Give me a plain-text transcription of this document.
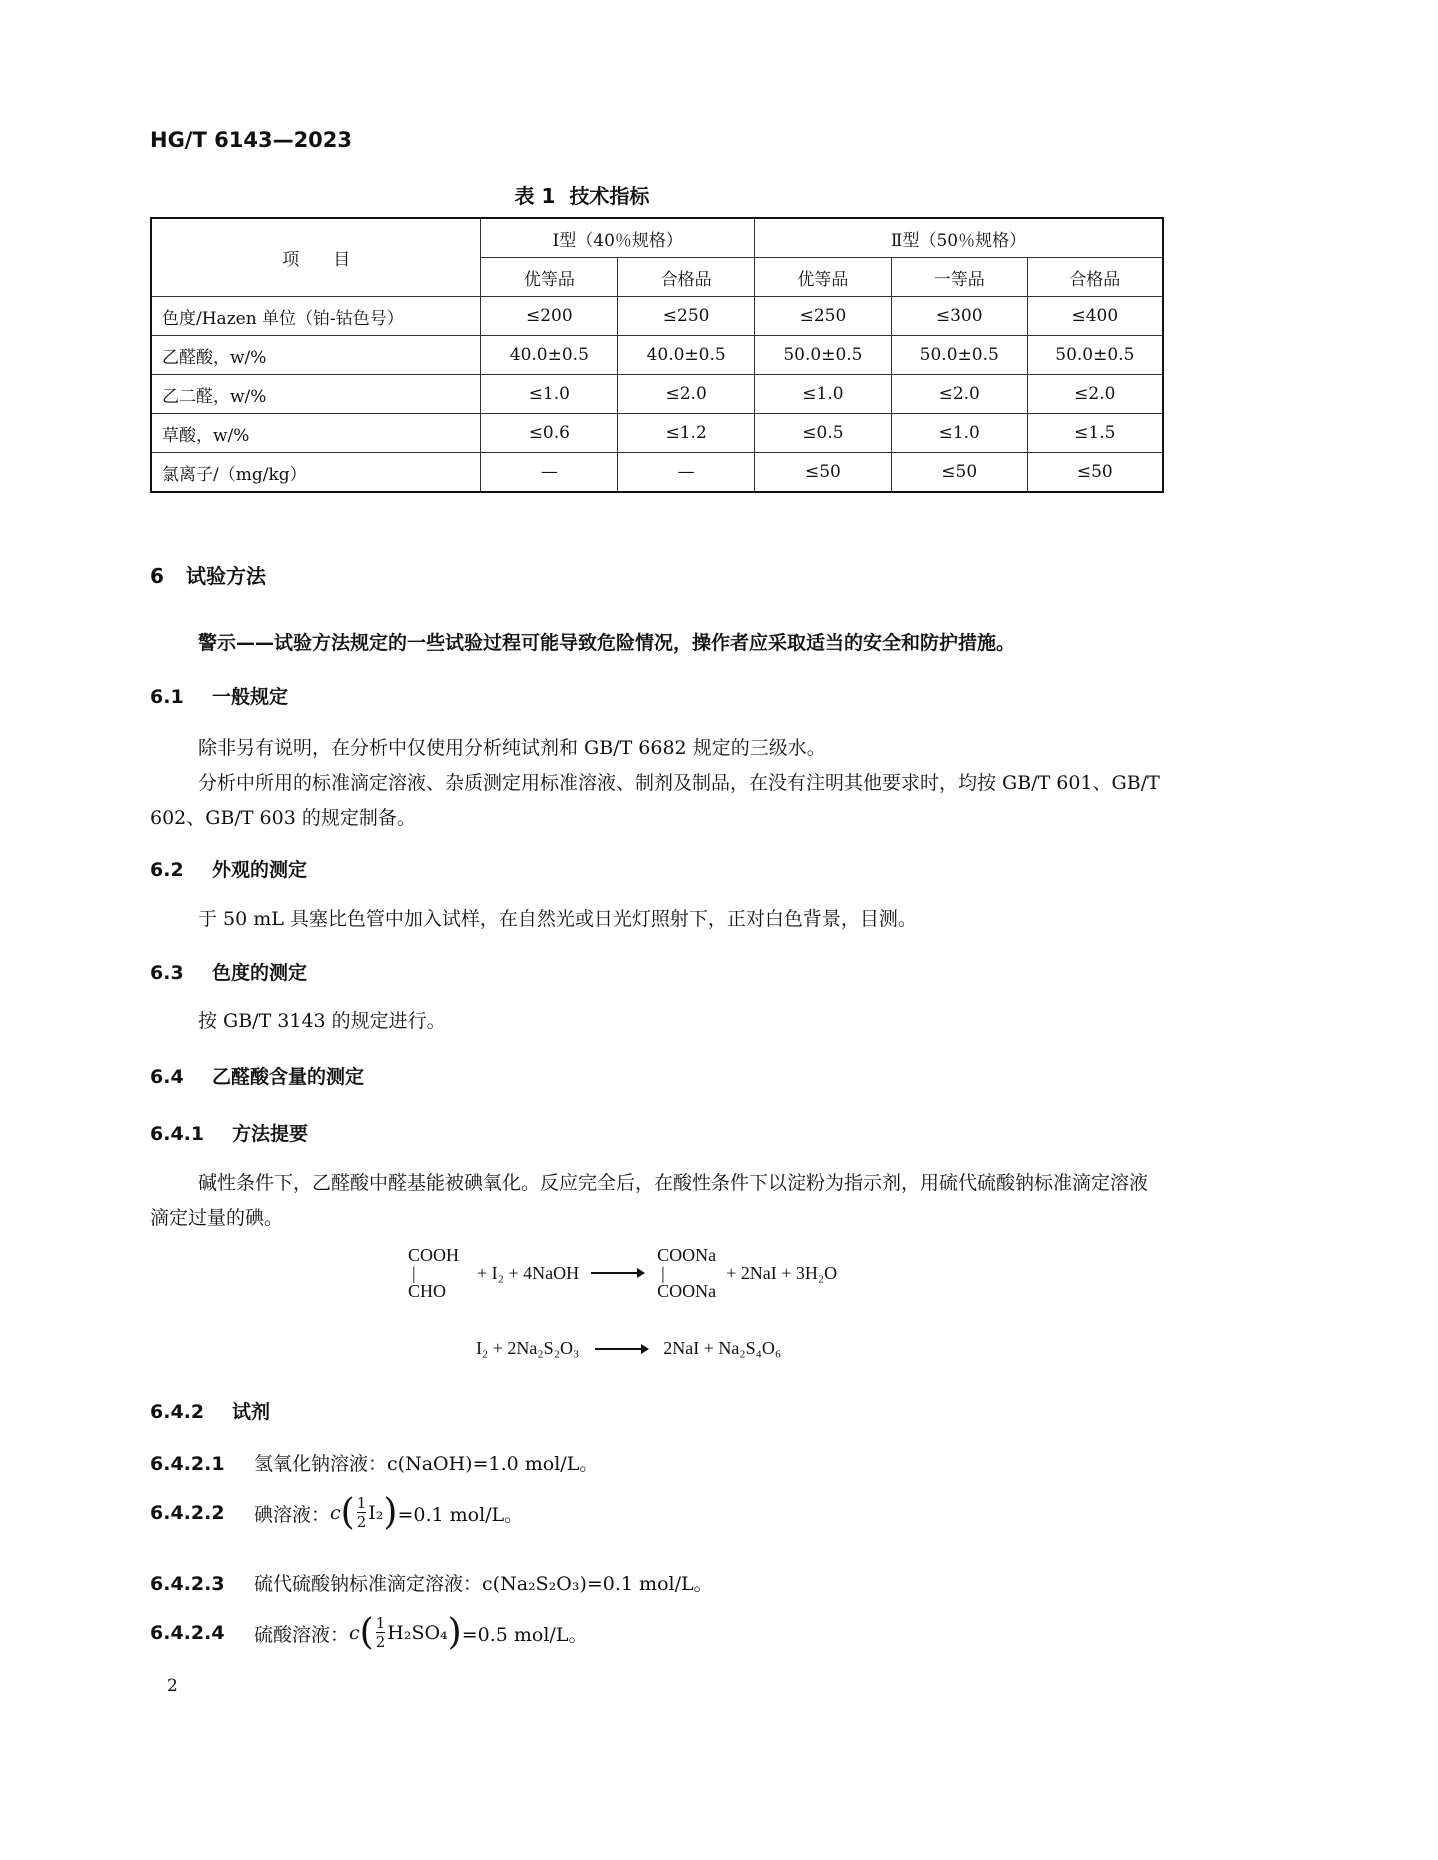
HG/T 6143—2023
表 1 技术指标
项　　目	Ⅰ型（40％规格）		Ⅱ型（50％规格）		
	优等品	合格品	优等品	一等品	合格品
色度/Hazen 单位（铂-钴色号）	≤200	≤250	≤250	≤300	≤400
乙醛酸，w/%	40.0±0.5	40.0±0.5	50.0±0.5	50.0±0.5	50.0±0.5
乙二醛，w/%	≤1.0	≤2.0	≤1.0	≤2.0	≤2.0
草酸，w/%	≤0.6	≤1.2	≤0.5	≤1.0	≤1.5
氯离子/（mg/kg）	—	—	≤50	≤50	≤50
6 试验方法
警示——试验方法规定的一些试验过程可能导致危险情况，操作者应采取适当的安全和防护措施。
6.1 一般规定

除非另有说明，在分析中仅使用分析纯试剂和 GB/T 6682 规定的三级水。

分析中所用的标准滴定溶液、杂质测定用标准溶液、制剂及制品，在没有注明其他要求时，均按 GB/T 601、GB/T 602、GB/T 603 的规定制备。

6.2 外观的测定

于 50 mL 具塞比色管中加入试样，在自然光或日光灯照射下，正对白色背景，目测。

6.3 色度的测定

按 GB/T 3143 的规定进行。

6.4 乙醛酸含量的测定
6.4.1 方法提要

碱性条件下，乙醛酸中醛基能被碘氧化。反应完全后，在酸性条件下以淀粉为指示剂，用硫代硫酸钠标准滴定溶液滴定过量的碘。

COOH
|
CHO
+ I₂ + 4NaOH →
COONa
|
COONa
+ 2NaI + 3H₂O
I₂ + 2Na₂S₂O₃ → 2NaI + Na₂S₄O₆
6.4.2 试剂
6.4.2.1 氢氧化钠溶液：c(NaOH)=1.0 mol/L。
6.4.2.2	碘溶液： c ( $\frac{1}{2} I_2$ ) =0.1 mol/L。
6.4.2.3 硫代硫酸钠标准滴定溶液：c(Na₂S₂O₃)=0.1 mol/L。
6.4.2.4	硫酸溶液： c ( $\frac{1}{2} H_2SO_4$ ) =0.5 mol/L。
2
